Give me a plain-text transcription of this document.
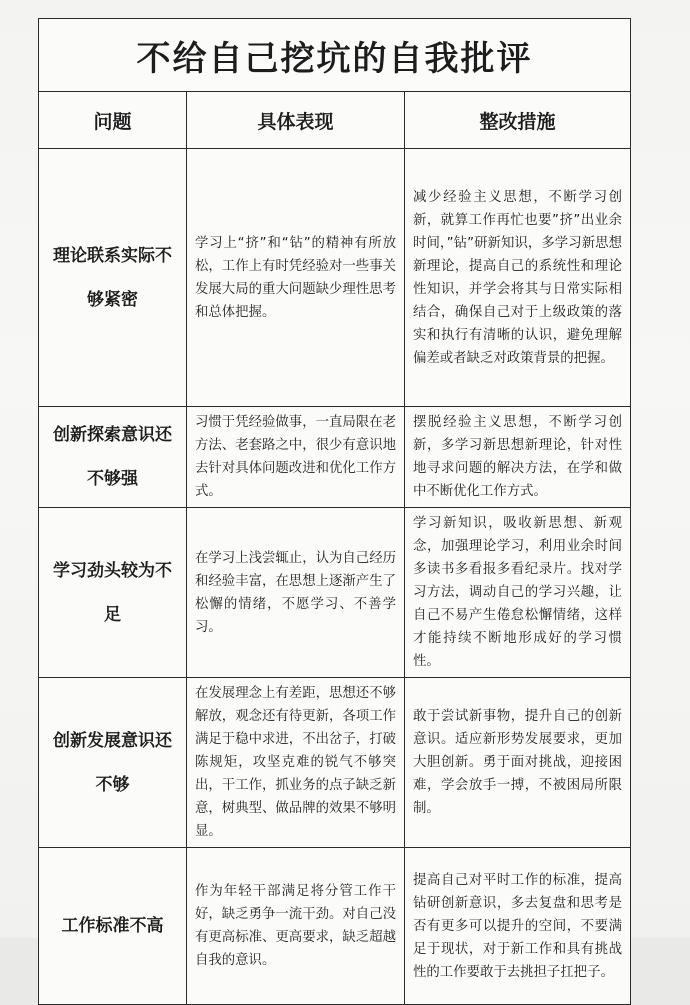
不给自己挖坑的自我批评		
问题	具体表现	整改措施
理论联系实际不够紧密	学习上“挤”和“钻”的精神有所放松，工作上有时凭经验对一些事关发展大局的重大问题缺少理性思考和总体把握。	减少经验主义思想，不断学习创新，就算工作再忙也要”挤”出业余时间，”钻”研新知识，多学习新思想新理论，提高自己的系统性和理论性知识，并学会将其与日常实际相结合，确保自己对于上级政策的落实和执行有清晰的认识，避免理解偏差或者缺乏对政策背景的把握。
创新探索意识还不够强	习惯于凭经验做事，一直局限在老方法、老套路之中，很少有意识地去针对具体问题改进和优化工作方式。	摆脱经验主义思想，不断学习创新，多学习新思想新理论，针对性地寻求问题的解决方法，在学和做中不断优化工作方式。
学习劲头较为不足	在学习上浅尝辄止，认为自己经历和经验丰富，在思想上逐渐产生了松懈的情绪，不愿学习、不善学习。	学习新知识，吸收新思想、新观念，加强理论学习，利用业余时间多读书多看报多看纪录片。找对学习方法，调动自己的学习兴趣，让自己不易产生倦怠松懈情绪，这样才能持续不断地形成好的学习惯性。
创新发展意识还不够	在发展理念上有差距，思想还不够解放，观念还有待更新，各项工作满足于稳中求进，不出岔子，打破陈规矩，攻坚克难的锐气不够突出，干工作，抓业务的点子缺乏新意，树典型、做品牌的效果不够明显。	敢于尝试新事物，提升自己的创新意识。适应新形势发展要求，更加大胆创新。勇于面对挑战，迎接困难，学会放手一搏，不被困局所限制。
工作标准不高	作为年轻干部满足将分管工作干好，缺乏勇争一流干劲。对自己没有更高标准、更高要求，缺乏超越自我的意识。	提高自己对平时工作的标准，提高钻研创新意识，多去复盘和思考是否有更多可以提升的空间，不要满足于现状，对于新工作和具有挑战性的工作要敢于去挑担子扛把子。
